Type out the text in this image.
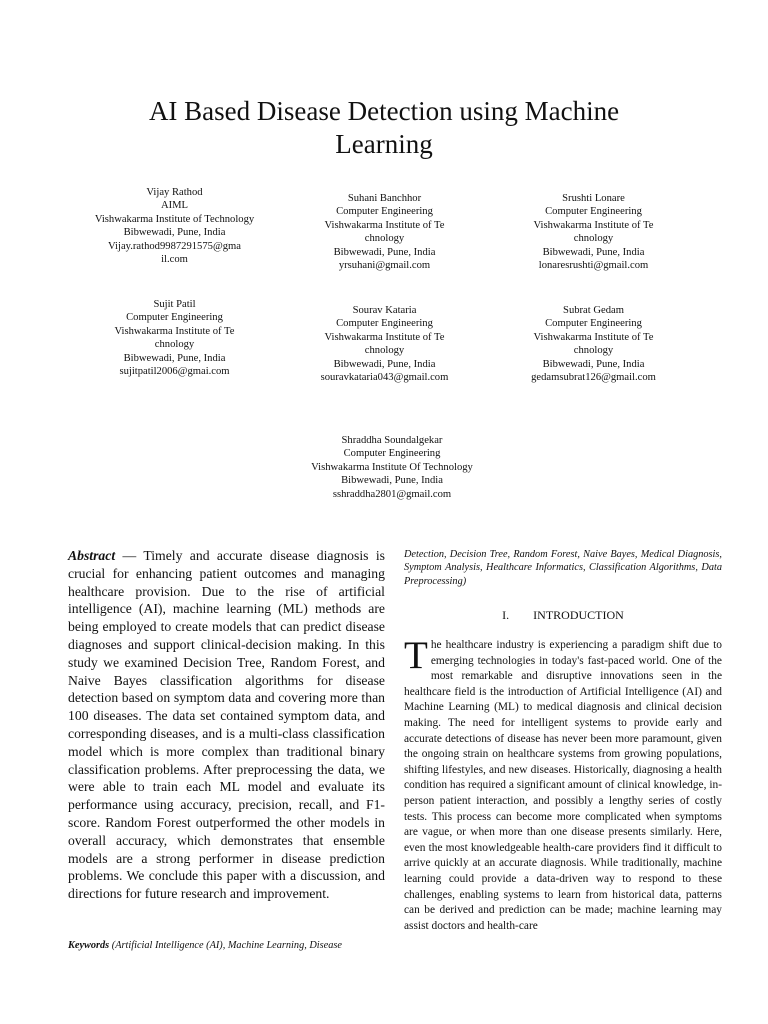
AI Based Disease Detection using Machine Learning
Vijay Rathod
AIML
Vishwakarma Institute of Technology
Bibwewadi, Pune, India
Vijay.rathod9987291575@gmail.com
Suhani Banchhor
Computer Engineering
Vishwakarma Institute of Technology
Bibwewadi, Pune, India
yrsuhani@gmail.com
Srushti Lonare
Computer Engineering
Vishwakarma Institute of Technology
Bibwewadi, Pune, India
lonaresrushti@gmail.com
Sujit Patil
Computer Engineering
Vishwakarma Institute of Technology
Bibwewadi, Pune, India
sujitpatil2006@gmai.com
Sourav Kataria
Computer Engineering
Vishwakarma Institute of Technology
Bibwewadi, Pune, India
souravkataria043@gmail.com
Subrat Gedam
Computer Engineering
Vishwakarma Institute of Technology
Bibwewadi, Pune, India
gedamsubrat126@gmail.com
Shraddha Soundalgekar
Computer Engineering
Vishwakarma Institute Of Technology
Bibwewadi, Pune, India
sshraddha2801@gmail.com
Abstract — Timely and accurate disease diagnosis is crucial for enhancing patient outcomes and managing healthcare provision. Due to the rise of artificial intelligence (AI), machine learning (ML) methods are being employed to create models that can predict disease diagnoses and support clinical-decision making. In this study we examined Decision Tree, Random Forest, and Naive Bayes classification algorithms for disease detection based on symptom data and covering more than 100 diseases. The data set contained symptom data, and corresponding diseases, and is a multi-class classification model which is more complex than traditional binary classification problems. After preprocessing the data, we were able to train each ML model and evaluate its performance using accuracy, precision, recall, and F1-score. Random Forest outperformed the other models in overall accuracy, which demonstrates that ensemble models are a strong performer in disease prediction problems. We conclude this paper with a discussion, and directions for future research and improvement.
Keywords (Artificial Intelligence (AI), Machine Learning, Disease
Detection, Decision Tree, Random Forest, Naive Bayes, Medical Diagnosis, Symptom Analysis, Healthcare Informatics, Classification Algorithms, Data Preprocessing)
I. INTRODUCTION
The healthcare industry is experiencing a paradigm shift due to emerging technologies in today's fast-paced world. One of the most remarkable and disruptive innovations seen in the healthcare field is the introduction of Artificial Intelligence (AI) and Machine Learning (ML) to medical diagnosis and clinical decision making. The need for intelligent systems to provide early and accurate detections of disease has never been more paramount, given the ongoing strain on healthcare systems from growing populations, shifting lifestyles, and new diseases. Historically, diagnosing a health condition has required a significant amount of clinical knowledge, in-person patient interaction, and possibly a lengthy series of costly tests. This process can become more complicated when symptoms are vague, or when more than one disease presents similarly. Here, even the most knowledgeable health-care providers find it difficult to arrive quickly at an accurate diagnosis. While traditionally, machine learning could provide a data-driven way to respond to these challenges, enabling systems to learn from historical data, patterns can be derived and prediction can be made; machine learning may assist doctors and health-care
